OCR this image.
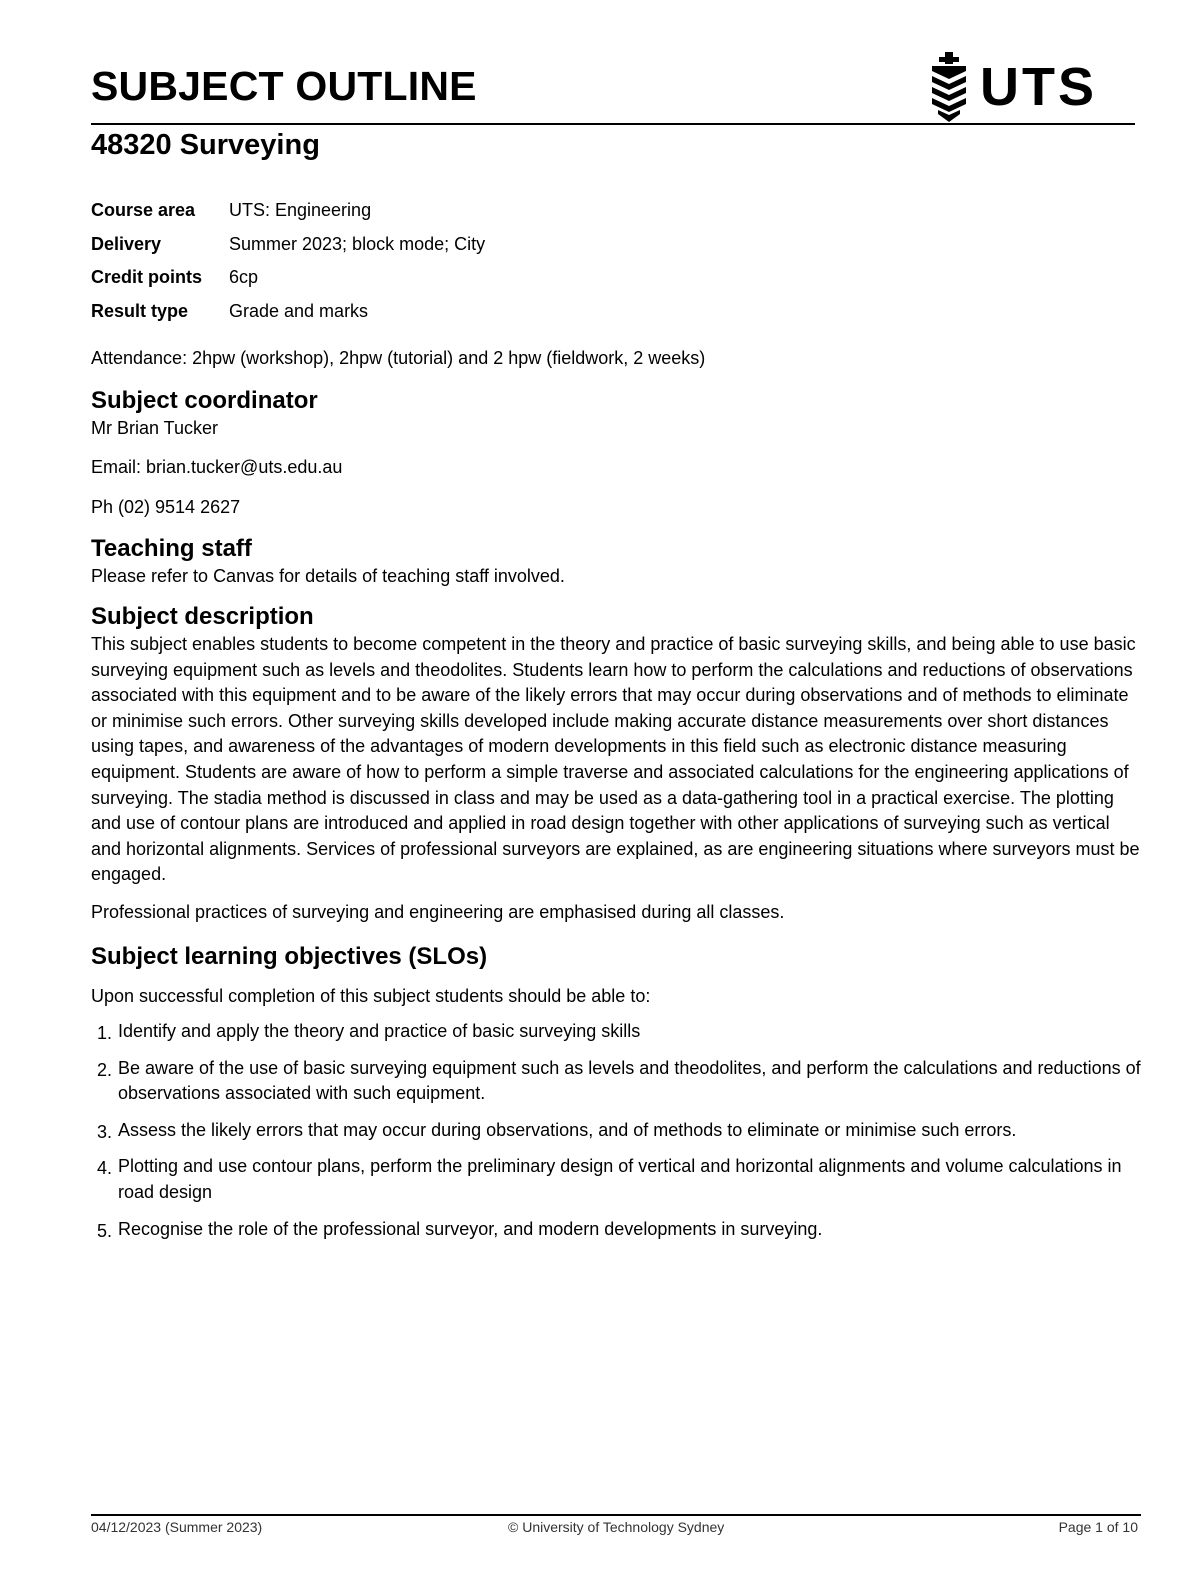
SUBJECT OUTLINE	UTS
48320 Surveying
Course area	UTS: Engineering
Delivery	Summer 2023; block mode; City
Credit points	6cp
Result type	Grade and marks

Attendance: 2hpw (workshop), 2hpw (tutorial) and 2 hpw (fieldwork, 2 weeks)

Subject coordinator

Mr Brian Tucker

Email: brian.tucker@uts.edu.au

Ph (02) 9514 2627

Teaching staff

Please refer to Canvas for details of teaching staff involved.

Subject description

This subject enables students to become competent in the theory and practice of basic surveying skills, and being able to use basic surveying equipment such as levels and theodolites. Students learn how to perform the calculations and reductions of observations associated with this equipment and to be aware of the likely errors that may occur during observations and of methods to eliminate or minimise such errors. Other surveying skills developed include making accurate distance measurements over short distances using tapes, and awareness of the advantages of modern developments in this field such as electronic distance measuring equipment. Students are aware of how to perform a simple traverse and associated calculations for the engineering applications of surveying. The stadia method is discussed in class and may be used as a data-gathering tool in a practical exercise. The plotting and use of contour plans are introduced and applied in road design together with other applications of surveying such as vertical and horizontal alignments. Services of professional surveyors are explained, as are engineering situations where surveyors must be engaged.

Professional practices of surveying and engineering are emphasised during all classes.

Subject learning objectives (SLOs)

Upon successful completion of this subject students should be able to:

1. Identify and apply the theory and practice of basic surveying skills
2. Be aware of the use of basic surveying equipment such as levels and theodolites, and perform the calculations and reductions of observations associated with such equipment.
3. Assess the likely errors that may occur during observations, and of methods to eliminate or minimise such errors.
4. Plotting and use contour plans, perform the preliminary design of vertical and horizontal alignments and volume calculations in road design
5. Recognise the role of the professional surveyor, and modern developments in surveying.
04/12/2023 (Summer 2023)	© University of Technology Sydney	Page 1 of 10
